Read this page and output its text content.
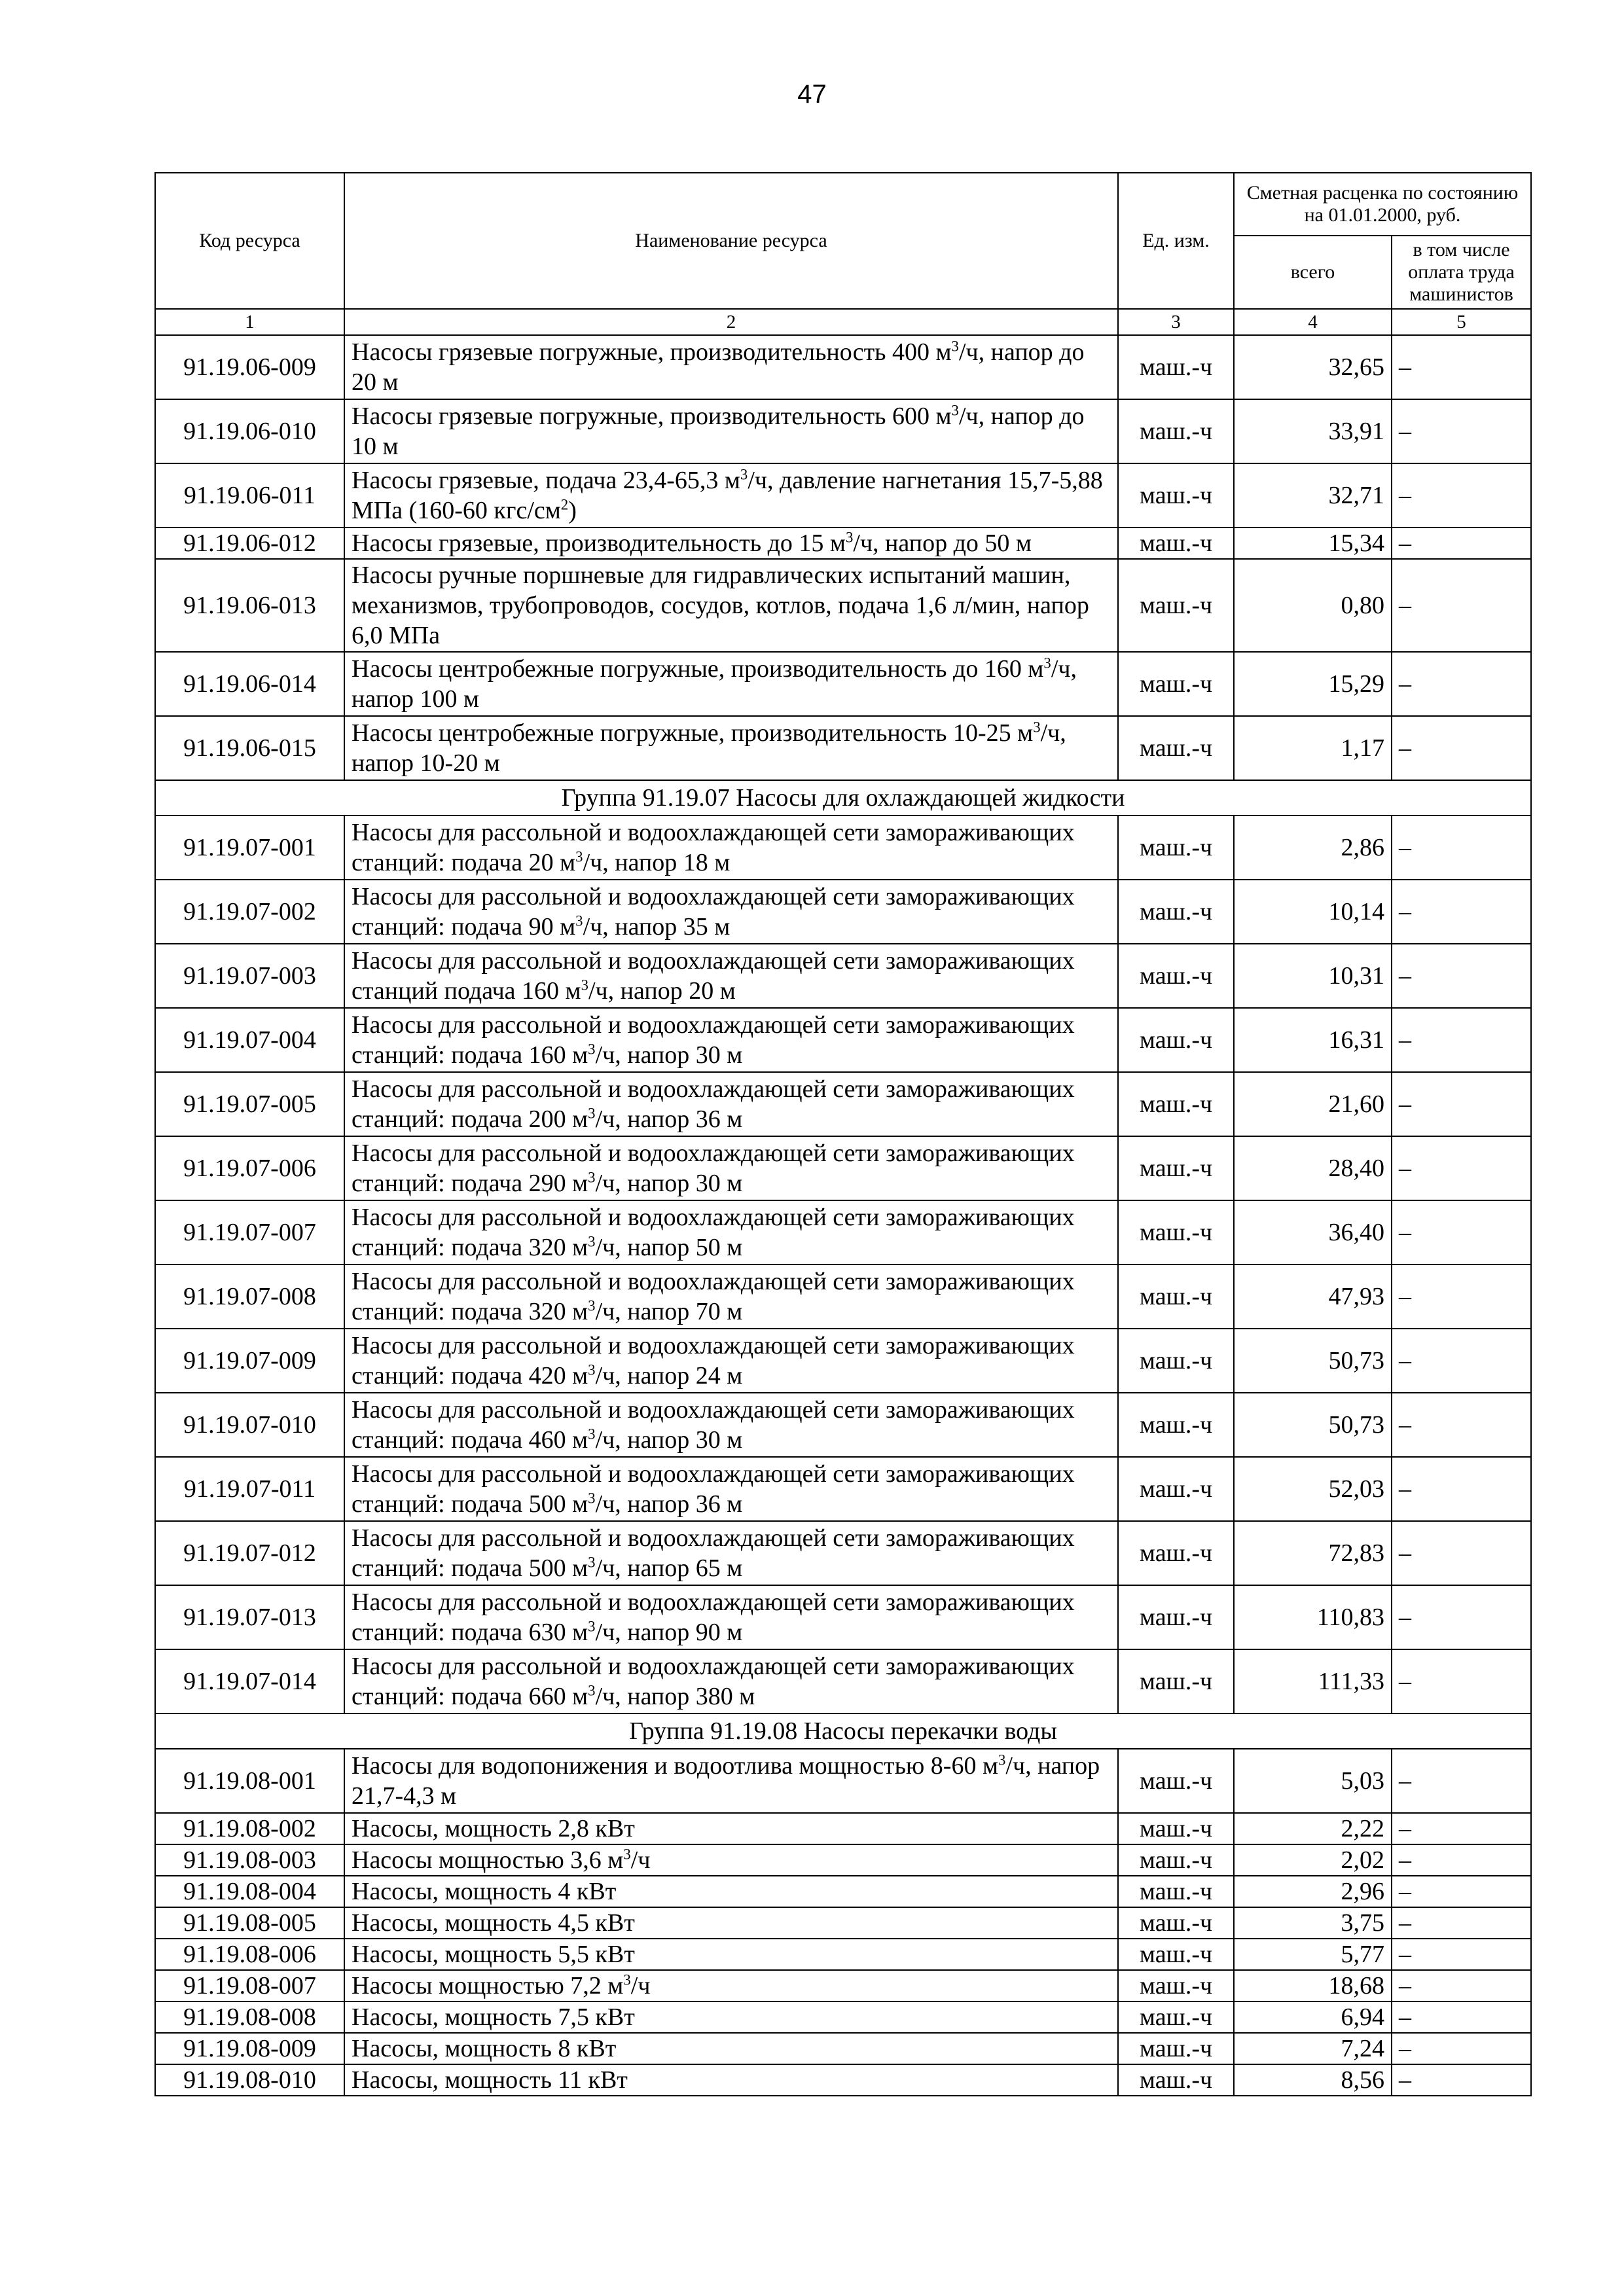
47
Код ресурса	Наименование ресурса	Ед. изм.	Сметная расценка по состоянию на 01.01.2000, руб.	
			всего	в том числе оплата труда машинистов
1	2	3	4	5
91.19.06-009	Насосы грязевые погружные, производительность 400 $м^3/ч$, напор до 20 м	маш.-ч	32,65	–
91.19.06-010	Насосы грязевые погружные, производительность 600 $м^3/ч$, напор до 10 м	маш.-ч	33,91	–
91.19.06-011	Насосы грязевые, подача 23,4-65,3 $м^3/ч$, давление нагнетания 15,7-5,88 МПа (160-60 кгс/$см^2$)	маш.-ч	32,71	–
91.19.06-012	Насосы грязевые, производительность до 15 $м^3/ч$, напор до 50 м	маш.-ч	15,34	–
91.19.06-013	Насосы ручные поршневые для гидравлических испытаний машин, механизмов, трубопроводов, сосудов, котлов, подача 1,6 л/мин, напор 6,0 МПа	маш.-ч	0,80	–
91.19.06-014	Насосы центробежные погружные, производительность до 160 $м^3/ч$, напор 100 м	маш.-ч	15,29	–
91.19.06-015	Насосы центробежные погружные, производительность 10-25 $м^3/ч$, напор 10-20 м	маш.-ч	1,17	–
Группа 91.19.07 Насосы для охлаждающей жидкости				
91.19.07-001	Насосы для рассольной и водоохлаждающей сети замораживающих станций: подача 20 $м^3/ч$, напор 18 м	маш.-ч	2,86	–
91.19.07-002	Насосы для рассольной и водоохлаждающей сети замораживающих станций: подача 90 $м^3/ч$, напор 35 м	маш.-ч	10,14	–
91.19.07-003	Насосы для рассольной и водоохлаждающей сети замораживающих станций подача 160 $м^3/ч$, напор 20 м	маш.-ч	10,31	–
91.19.07-004	Насосы для рассольной и водоохлаждающей сети замораживающих станций: подача 160 $м^3/ч$, напор 30 м	маш.-ч	16,31	–
91.19.07-005	Насосы для рассольной и водоохлаждающей сети замораживающих станций: подача 200 $м^3/ч$, напор 36 м	маш.-ч	21,60	–
91.19.07-006	Насосы для рассольной и водоохлаждающей сети замораживающих станций: подача 290 $м^3/ч$, напор 30 м	маш.-ч	28,40	–
91.19.07-007	Насосы для рассольной и водоохлаждающей сети замораживающих станций: подача 320 $м^3/ч$, напор 50 м	маш.-ч	36,40	–
91.19.07-008	Насосы для рассольной и водоохлаждающей сети замораживающих станций: подача 320 $м^3/ч$, напор 70 м	маш.-ч	47,93	–
91.19.07-009	Насосы для рассольной и водоохлаждающей сети замораживающих станций: подача 420 $м^3/ч$, напор 24 м	маш.-ч	50,73	–
91.19.07-010	Насосы для рассольной и водоохлаждающей сети замораживающих станций: подача 460 $м^3/ч$, напор 30 м	маш.-ч	50,73	–
91.19.07-011	Насосы для рассольной и водоохлаждающей сети замораживающих станций: подача 500 $м^3/ч$, напор 36 м	маш.-ч	52,03	–
91.19.07-012	Насосы для рассольной и водоохлаждающей сети замораживающих станций: подача 500 $м^3/ч$, напор 65 м	маш.-ч	72,83	–
91.19.07-013	Насосы для рассольной и водоохлаждающей сети замораживающих станций: подача 630 $м^3/ч$, напор 90 м	маш.-ч	110,83	–
91.19.07-014	Насосы для рассольной и водоохлаждающей сети замораживающих станций: подача 660 $м^3/ч$, напор 380 м	маш.-ч	111,33	–
Группа 91.19.08 Насосы перекачки воды				
91.19.08-001	Насосы для водопонижения и водоотлива мощностью 8-60 $м^3/ч$, напор 21,7-4,3 м	маш.-ч	5,03	–
91.19.08-002	Насосы, мощность 2,8 кВт	маш.-ч	2,22	–
91.19.08-003	Насосы мощностью 3,6 $м^3/ч$	маш.-ч	2,02	–
91.19.08-004	Насосы, мощность 4 кВт	маш.-ч	2,96	–
91.19.08-005	Насосы, мощность 4,5 кВт	маш.-ч	3,75	–
91.19.08-006	Насосы, мощность 5,5 кВт	маш.-ч	5,77	–
91.19.08-007	Насосы мощностью 7,2 $м^3/ч$	маш.-ч	18,68	–
91.19.08-008	Насосы, мощность 7,5 кВт	маш.-ч	6,94	–
91.19.08-009	Насосы, мощность 8 кВт	маш.-ч	7,24	–
91.19.08-010	Насосы, мощность 11 кВт	маш.-ч	8,56	–
